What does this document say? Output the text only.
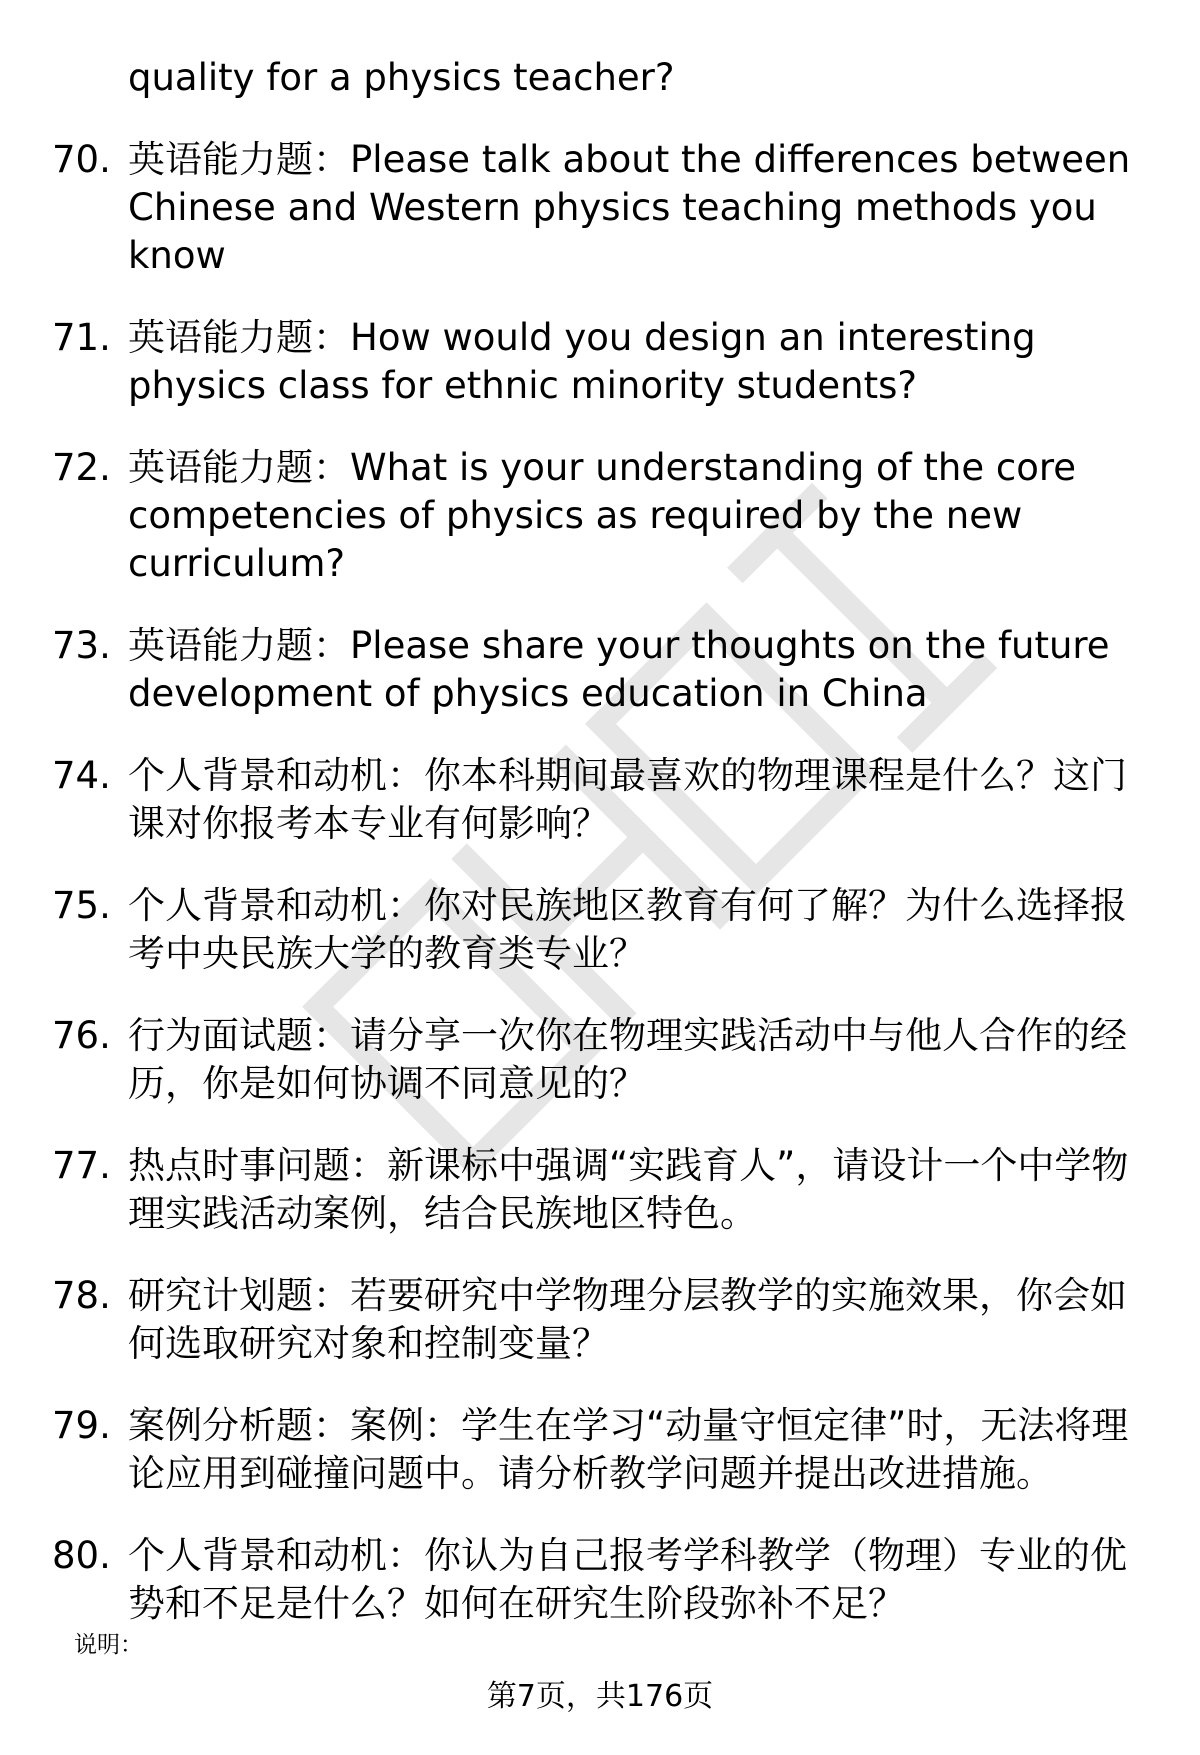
quality for a physics teacher?
70. 英语能力题：Please talk about the differences between Chinese and Western physics teaching methods you know
71. 英语能力题：How would you design an interesting physics class for ethnic minority students?
72. 英语能力题：What is your understanding of the core competencies of physics as required by the new curriculum?
73. 英语能力题：Please share your thoughts on the future development of physics education in China
74. 个人背景和动机：你本科期间最喜欢的物理课程是什么？这门课对你报考本专业有何影响？
75. 个人背景和动机：你对民族地区教育有何了解？为什么选择报考中央民族大学的教育类专业？
76. 行为面试题：请分享一次你在物理实践活动中与他人合作的经历，你是如何协调不同意见的？
77. 热点时事问题：新课标中强调“实践育人”，请设计一个中学物理实践活动案例，结合民族地区特色。
78. 研究计划题：若要研究中学物理分层教学的实施效果，你会如何选取研究对象和控制变量？
79. 案例分析题：案例：学生在学习“动量守恒定律”时，无法将理论应用到碰撞问题中。请分析教学问题并提出改进措施。
80. 个人背景和动机：你认为自己报考学科教学（物理）专业的优势和不足是什么？如何在研究生阶段弥补不足？
说明：
第7页，共176页
